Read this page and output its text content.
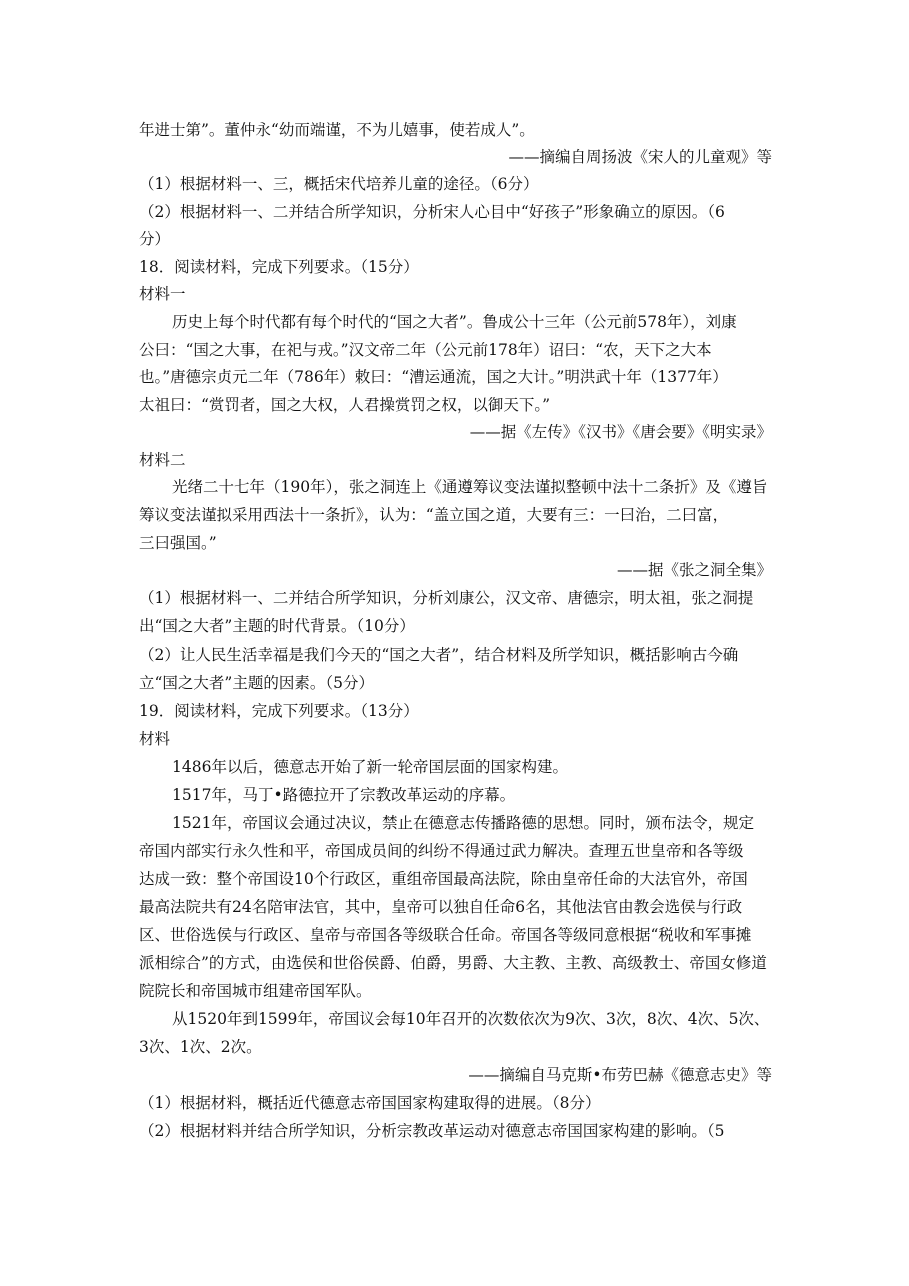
年进士第”。董仲永“幼而端谨，不为儿嬉事，使若成人”。
——摘编自周扬波《宋人的儿童观》等
（1）根据材料一、三，概括宋代培养儿童的途径。（6分）
（2）根据材料一、二并结合所学知识，分析宋人心目中“好孩子”形象确立的原因。（6
分）
18．阅读材料，完成下列要求。（15分）
材料一
历史上每个时代都有每个时代的“国之大者”。鲁成公十三年（公元前578年），刘康
公曰：“国之大事，在祀与戎。”汉文帝二年（公元前178年）诏曰：“农，天下之大本
也。”唐德宗贞元二年（786年）敕曰：“漕运通流，国之大计。”明洪武十年（1377年）
太祖曰：“赏罚者，国之大权，人君操赏罚之权，以御天下。”
——据《左传》《汉书》《唐会要》《明实录》
材料二
光绪二十七年（190年），张之洞连上《通遵筹议变法谨拟整顿中法十二条折》及《遵旨
筹议变法谨拟采用西法十一条折》，认为：“盖立国之道，大要有三：一曰治，二曰富，
三曰强国。”
——据《张之洞全集》
（1）根据材料一、二并结合所学知识，分析刘康公，汉文帝、唐德宗，明太祖，张之洞提
出“国之大者”主题的时代背景。（10分）
（2）让人民生活幸福是我们今天的“国之大者”，结合材料及所学知识，概括影响古今确
立“国之大者”主题的因素。（5分）
19．阅读材料，完成下列要求。（13分）
材料
1486年以后，德意志开始了新一轮帝国层面的国家构建。
1517年，马丁•路德拉开了宗教改革运动的序幕。
1521年，帝国议会通过决议，禁止在德意志传播路德的思想。同时，颁布法令，规定
帝国内部实行永久性和平，帝国成员间的纠纷不得通过武力解决。查理五世皇帝和各等级
达成一致：整个帝国设10个行政区，重组帝国最高法院，除由皇帝任命的大法官外，帝国
最高法院共有24名陪审法官，其中，皇帝可以独自任命6名，其他法官由教会选侯与行政
区、世俗选侯与行政区、皇帝与帝国各等级联合任命。帝国各等级同意根据“税收和军事摊
派相综合”的方式，由选侯和世俗侯爵、伯爵，男爵、大主教、主教、高级教士、帝国女修道
院院长和帝国城市组建帝国军队。
从1520年到1599年，帝国议会每10年召开的次数依次为9次、3次，8次、4次、5次、
3次、1次、2次。
——摘编自马克斯•布劳巴赫《德意志史》等
（1）根据材料，概括近代德意志帝国国家构建取得的进展。（8分）
（2）根据材料并结合所学知识，分析宗教改革运动对德意志帝国国家构建的影响。（5
